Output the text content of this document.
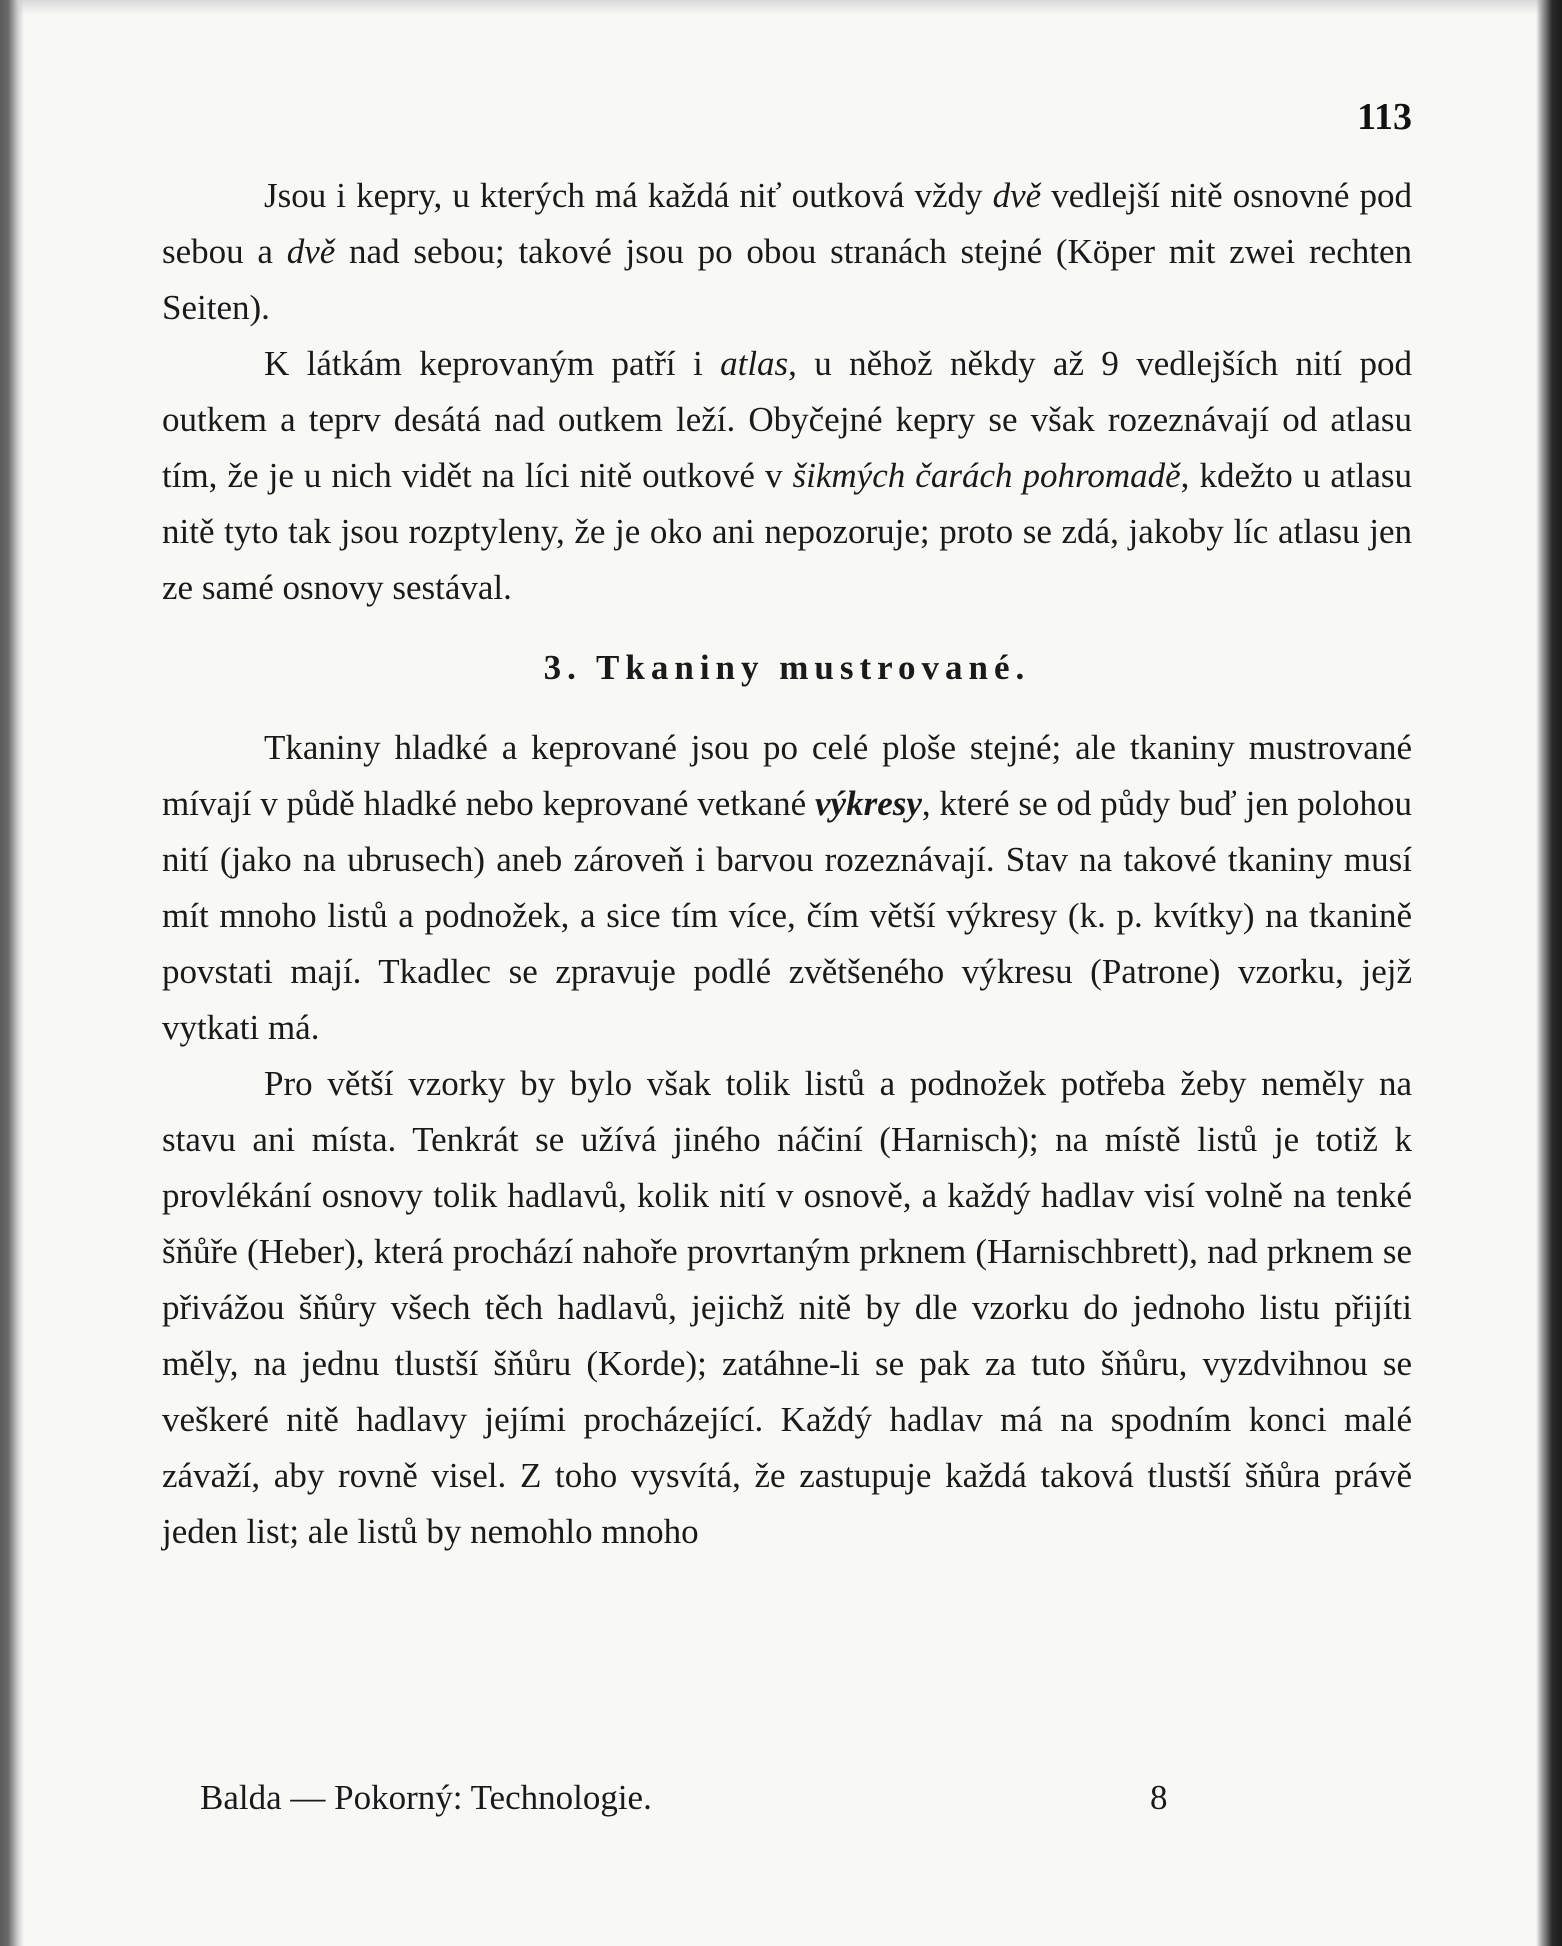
113

Jsou i kepry, u kterých má každá niť outková vždy dvě vedlejší nitě osnovné pod sebou a dvě nad sebou; takové jsou po obou stranách stejné (Köper mit zwei rechten Seiten).

K látkám keprovaným patří i atlas, u něhož někdy až 9 vedlejších nití pod outkem a teprv desátá nad outkem leží. Obyčejné kepry se však rozeznávají od atlasu tím, že je u nich vidět na líci nitě outkové v šikmých čarách pohromadě, kdežto u atlasu nitě tyto tak jsou rozptyleny, že je oko ani nepozoruje; proto se zdá, jakoby líc atlasu jen ze samé osnovy sestával.

3. Tkaniny mustrované.

Tkaniny hladké a keprované jsou po celé ploše stejné; ale tkaniny mustrované mívají v půdě hladké nebo keprované vetkané výkresy, které se od půdy buď jen polohou nití (jako na ubrusech) aneb zároveň i barvou rozeznávají. Stav na takové tkaniny musí mít mnoho listů a podnožek, a sice tím více, čím větší výkresy (k. p. kvítky) na tkanině povstati mají. Tkadlec se zpravuje podlé zvětšeného výkresu (Patrone) vzorku, jejž vytkati má.

Pro větší vzorky by bylo však tolik listů a podnožek potřeba žeby neměly na stavu ani místa. Tenkrát se užívá jiného náčiní (Harnisch); na místě listů je totiž k provlékání osnovy tolik hadlavů, kolik nití v osnově, a každý hadlav visí volně na tenké šňůře (Heber), která prochází nahoře provrtaným prknem (Harnischbrett), nad prknem se přivážou šňůry všech těch hadlavů, jejichž nitě by dle vzorku do jednoho listu přijíti měly, na jednu tlustší šňůru (Korde); zatáhne-li se pak za tuto šňůru, vyzdvihnou se veškeré nitě hadlavy jejími procházející. Každý hadlav má na spodním konci malé závaží, aby rovně visel. Z toho vysvítá, že zastupuje každá taková tlustší šňůra právě jeden list; ale listů by nemohlo mnoho

Balda — Pokorný: Technologie.	8
